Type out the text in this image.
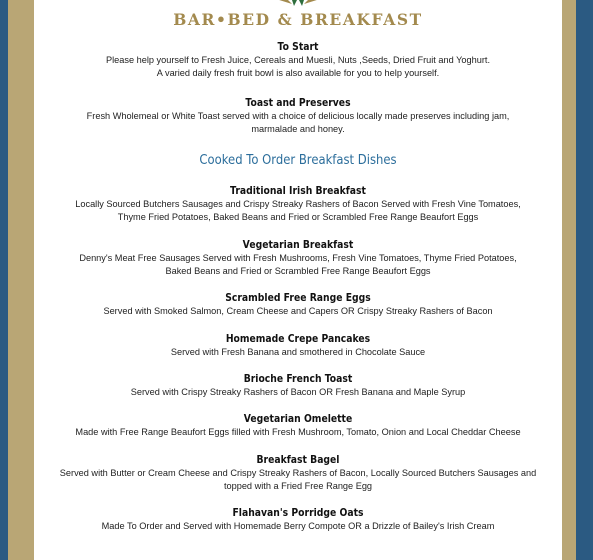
BAR•BED & BREAKFAST

To Start

Please help yourself to Fresh Juice, Cereals and Muesli, Nuts ,Seeds, Dried Fruit and Yoghurt.

A varied daily fresh fruit bowl is also available for you to help yourself.

Toast and Preserves

Fresh Wholemeal or White Toast served with a choice of delicious locally made preserves including jam,

marmalade and honey.

Cooked To Order Breakfast Dishes

Traditional Irish Breakfast

Locally Sourced Butchers Sausages and Crispy Streaky Rashers of Bacon Served with Fresh Vine Tomatoes,

Thyme Fried Potatoes, Baked Beans and Fried or Scrambled Free Range Beaufort Eggs

Vegetarian Breakfast

Denny's Meat Free Sausages Served with Fresh Mushrooms, Fresh Vine Tomatoes, Thyme Fried Potatoes,

Baked Beans and Fried or Scrambled Free Range Beaufort Eggs

Scrambled Free Range Eggs

Served with Smoked Salmon, Cream Cheese and Capers OR Crispy Streaky Rashers of Bacon

Homemade Crepe Pancakes

Served with Fresh Banana and smothered in Chocolate Sauce

Brioche French Toast

Served with Crispy Streaky Rashers of Bacon OR Fresh Banana and Maple Syrup

Vegetarian Omelette

Made with Free Range Beaufort Eggs filled with Fresh Mushroom, Tomato, Onion and Local Cheddar Cheese

Breakfast Bagel

Served with Butter or Cream Cheese and Crispy Streaky Rashers of Bacon, Locally Sourced Butchers Sausages and

topped with a Fried Free Range Egg

Flahavan's Porridge Oats

Made To Order and Served with Homemade Berry Compote OR a Drizzle of Bailey's Irish Cream
